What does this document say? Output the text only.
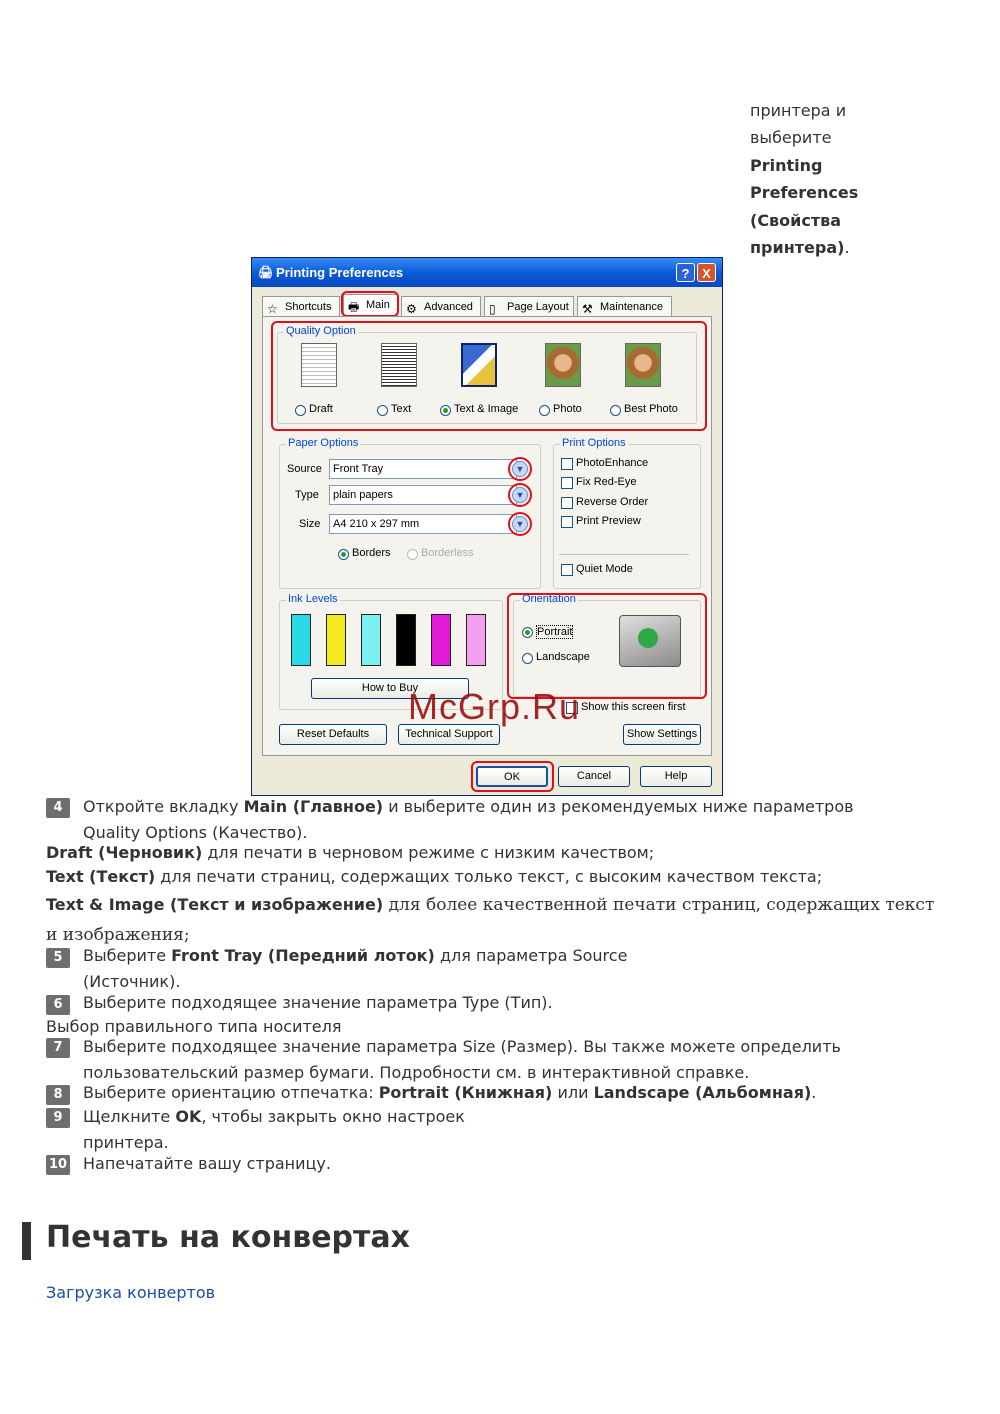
принтера и
выберите
Printing
Preferences
(Свойства
принтера).
🖨 Printing Preferences	? X
☆ Shortcuts	🖶 Main	⚙ Advanced	▯ Page Layout	⚒ Maintenance
Quality Option
Draft	Text	Text & Image	Photo	Best Photo
Paper Options
Source	Front Tray	▼
Type	plain papers	▼
Size	A4 210 x 297 mm	▼
Borders	Borderless
Print Options
PhotoEnhance
Fix Red-Eye
Reverse Order
Print Preview
Quiet Mode
Ink Levels
How to Buy
Orientation
Portrait
Landscape
Show this screen first
Reset Defaults	Technical Support	Show Settings
OK	Cancel	Help
McGrp.Ru
4	Откройте вкладку Main (Главное) и выберите один из рекомендуемых ниже параметров
Quality Options (Качество).
Draft (Черновик) для печати в черновом режиме с низким качеством;
Text (Текст) для печати страниц, содержащих только текст, с высоким качеством текста;
Text & Image (Текст и изображение) для более качественной печати страниц, содержащих текст
и изображения;
5	Выберите Front Tray (Передний лоток) для параметра Source
(Источник).
6	Выберите подходящее значение параметра Type (Тип).
Выбор правильного типа носителя
7	Выберите подходящее значение параметра Size (Размер). Вы также можете определить
пользовательский размер бумаги. Подробности см. в интерактивной справке.
8	Выберите ориентацию отпечатка: Portrait (Книжная) или Landscape (Альбомная).
9	Щелкните OK, чтобы закрыть окно настроек
принтера.
10 Напечатайте вашу страницу.
Печать на конвертах
Загрузка конвертов
